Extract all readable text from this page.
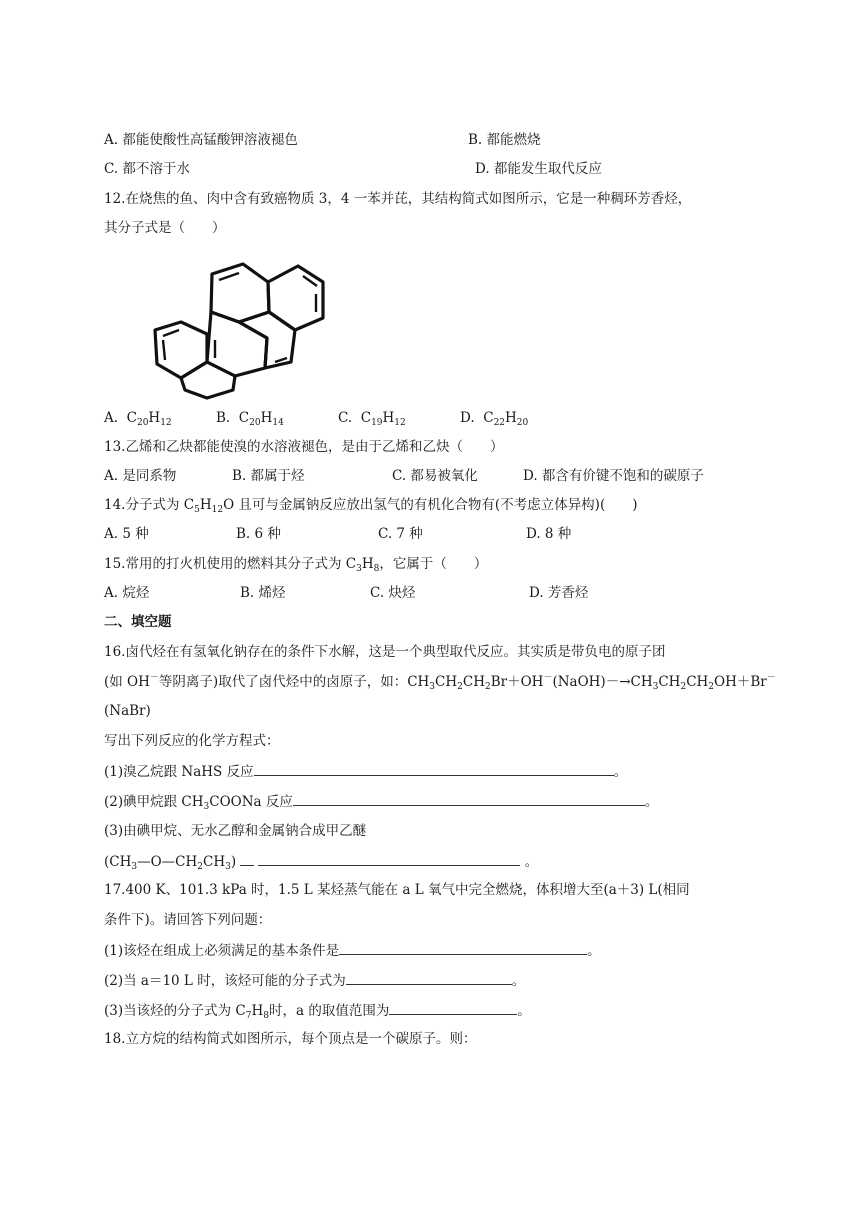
A. 都能使酸性高锰酸钾溶液褪色	B. 都能燃烧
C. 都不溶于水	D. 都能发生取代反应
12.在烧焦的鱼、肉中含有致癌物质 3，4 一苯并芘，其结构简式如图所示，它是一种稠环芳香烃，
其分子式是（　　）
A.  $C_{20}H_{12}$	B.  $C_{20}H_{14}$	C.  $C_{19}H_{12}$	D.  $C_{22}H_{20}$
13.乙烯和乙炔都能使溴的水溶液褪色，是由于乙烯和乙炔（　　）
A. 是同系物	B. 都属于烃	C. 都易被氧化	D. 都含有价键不饱和的碳原子
14.分子式为 $C_5H_{12}O$ 且可与金属钠反应放出氢气的有机化合物有(不考虑立体异构)(　　)
A. 5 种	B. 6 种	C. 7 种	D. 8 种
15.常用的打火机使用的燃料其分子式为 $C_3H_8$，它属于（　　）
A. 烷烃	B. 烯烃	C. 炔烃	D. 芳香烃
二、填空题
16.卤代烃在有氢氧化钠存在的条件下水解，这是一个典型取代反应。其实质是带负电的原子团
(如 OH－等阴离子)取代了卤代烃中的卤原子，如：$CH_3CH_2CH_2Br+OH^-(NaOH)-\to CH_3CH_2CH_2OH+Br^-$
(NaBr)
写出下列反应的化学方程式：
(1)溴乙烷跟 NaHS 反应	。
(2)碘甲烷跟 $CH_3COONa$ 反应	。
(3)由碘甲烷、无水乙醇和金属钠合成甲乙醚
$(CH_3—O—CH_2CH_3)$	。
17.400 K、101.3 kPa 时，1.5 L 某烃蒸气能在 a L 氧气中完全燃烧，体积增大至(a＋3) L(相同
条件下)。请回答下列问题：
(1)该烃在组成上必须满足的基本条件是	。
(2)当 a＝10 L 时，该烃可能的分子式为	。
(3)当该烃的分子式为 $C_7H_8$时，a 的取值范围为	。
18.立方烷的结构简式如图所示，每个顶点是一个碳原子。则：
